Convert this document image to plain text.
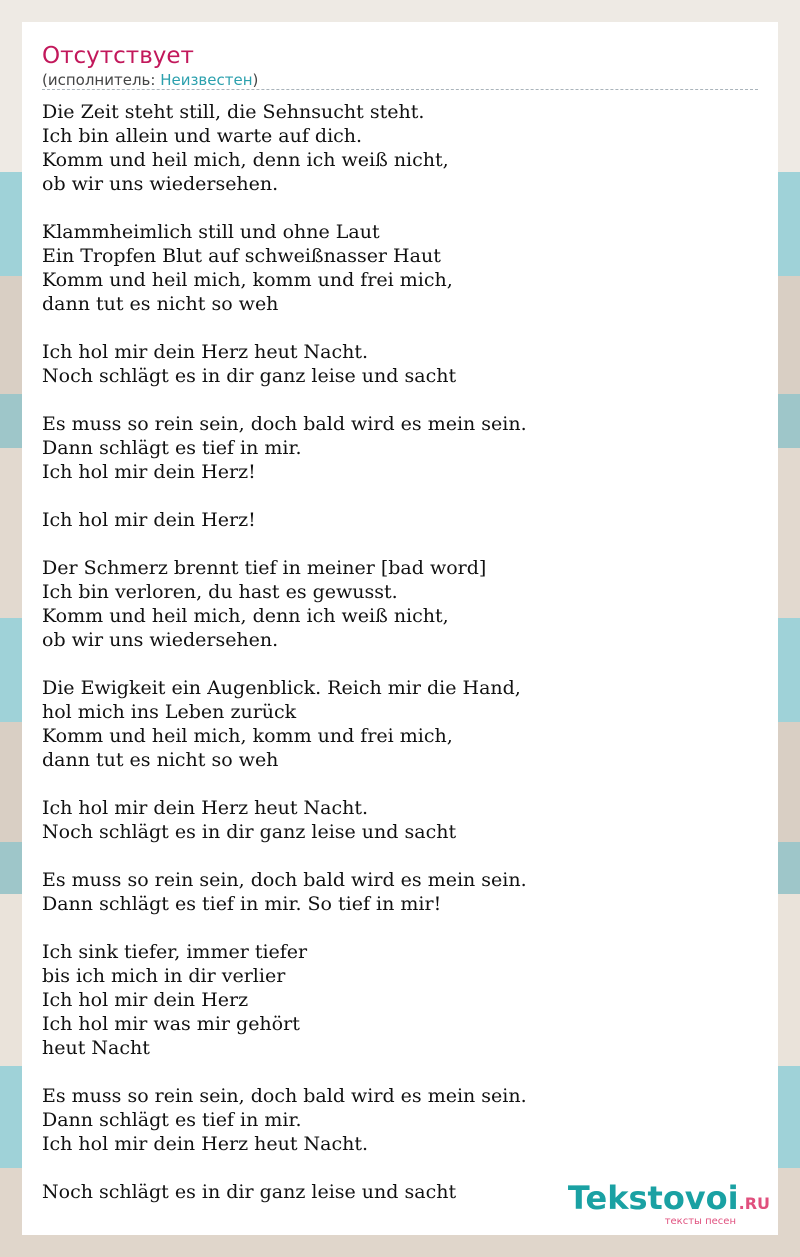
Отсутствует
(исполнитель: Неизвестен)
Die Zeit steht still, die Sehnsucht steht.
Ich bin allein und warte auf dich.
Komm und heil mich, denn ich weiß nicht,
ob wir uns wiedersehen.
Klammheimlich still und ohne Laut
Ein Tropfen Blut auf schweißnasser Haut
Komm und heil mich, komm und frei mich,
dann tut es nicht so weh
Ich hol mir dein Herz heut Nacht.
Noch schlägt es in dir ganz leise und sacht
Es muss so rein sein, doch bald wird es mein sein.
Dann schlägt es tief in mir.
Ich hol mir dein Herz!
Ich hol mir dein Herz!
Der Schmerz brennt tief in meiner [bad word]
Ich bin verloren, du hast es gewusst.
Komm und heil mich, denn ich weiß nicht,
ob wir uns wiedersehen.
Die Ewigkeit ein Augenblick. Reich mir die Hand,
hol mich ins Leben zurück
Komm und heil mich, komm und frei mich,
dann tut es nicht so weh
Ich hol mir dein Herz heut Nacht.
Noch schlägt es in dir ganz leise und sacht
Es muss so rein sein, doch bald wird es mein sein.
Dann schlägt es tief in mir. So tief in mir!
Ich sink tiefer, immer tiefer
bis ich mich in dir verlier
Ich hol mir dein Herz
Ich hol mir was mir gehört
heut Nacht
Es muss so rein sein, doch bald wird es mein sein.
Dann schlägt es tief in mir.
Ich hol mir dein Herz heut Nacht.
Noch schlägt es in dir ganz leise und sacht	Tekstovoi.RU
тексты песен
